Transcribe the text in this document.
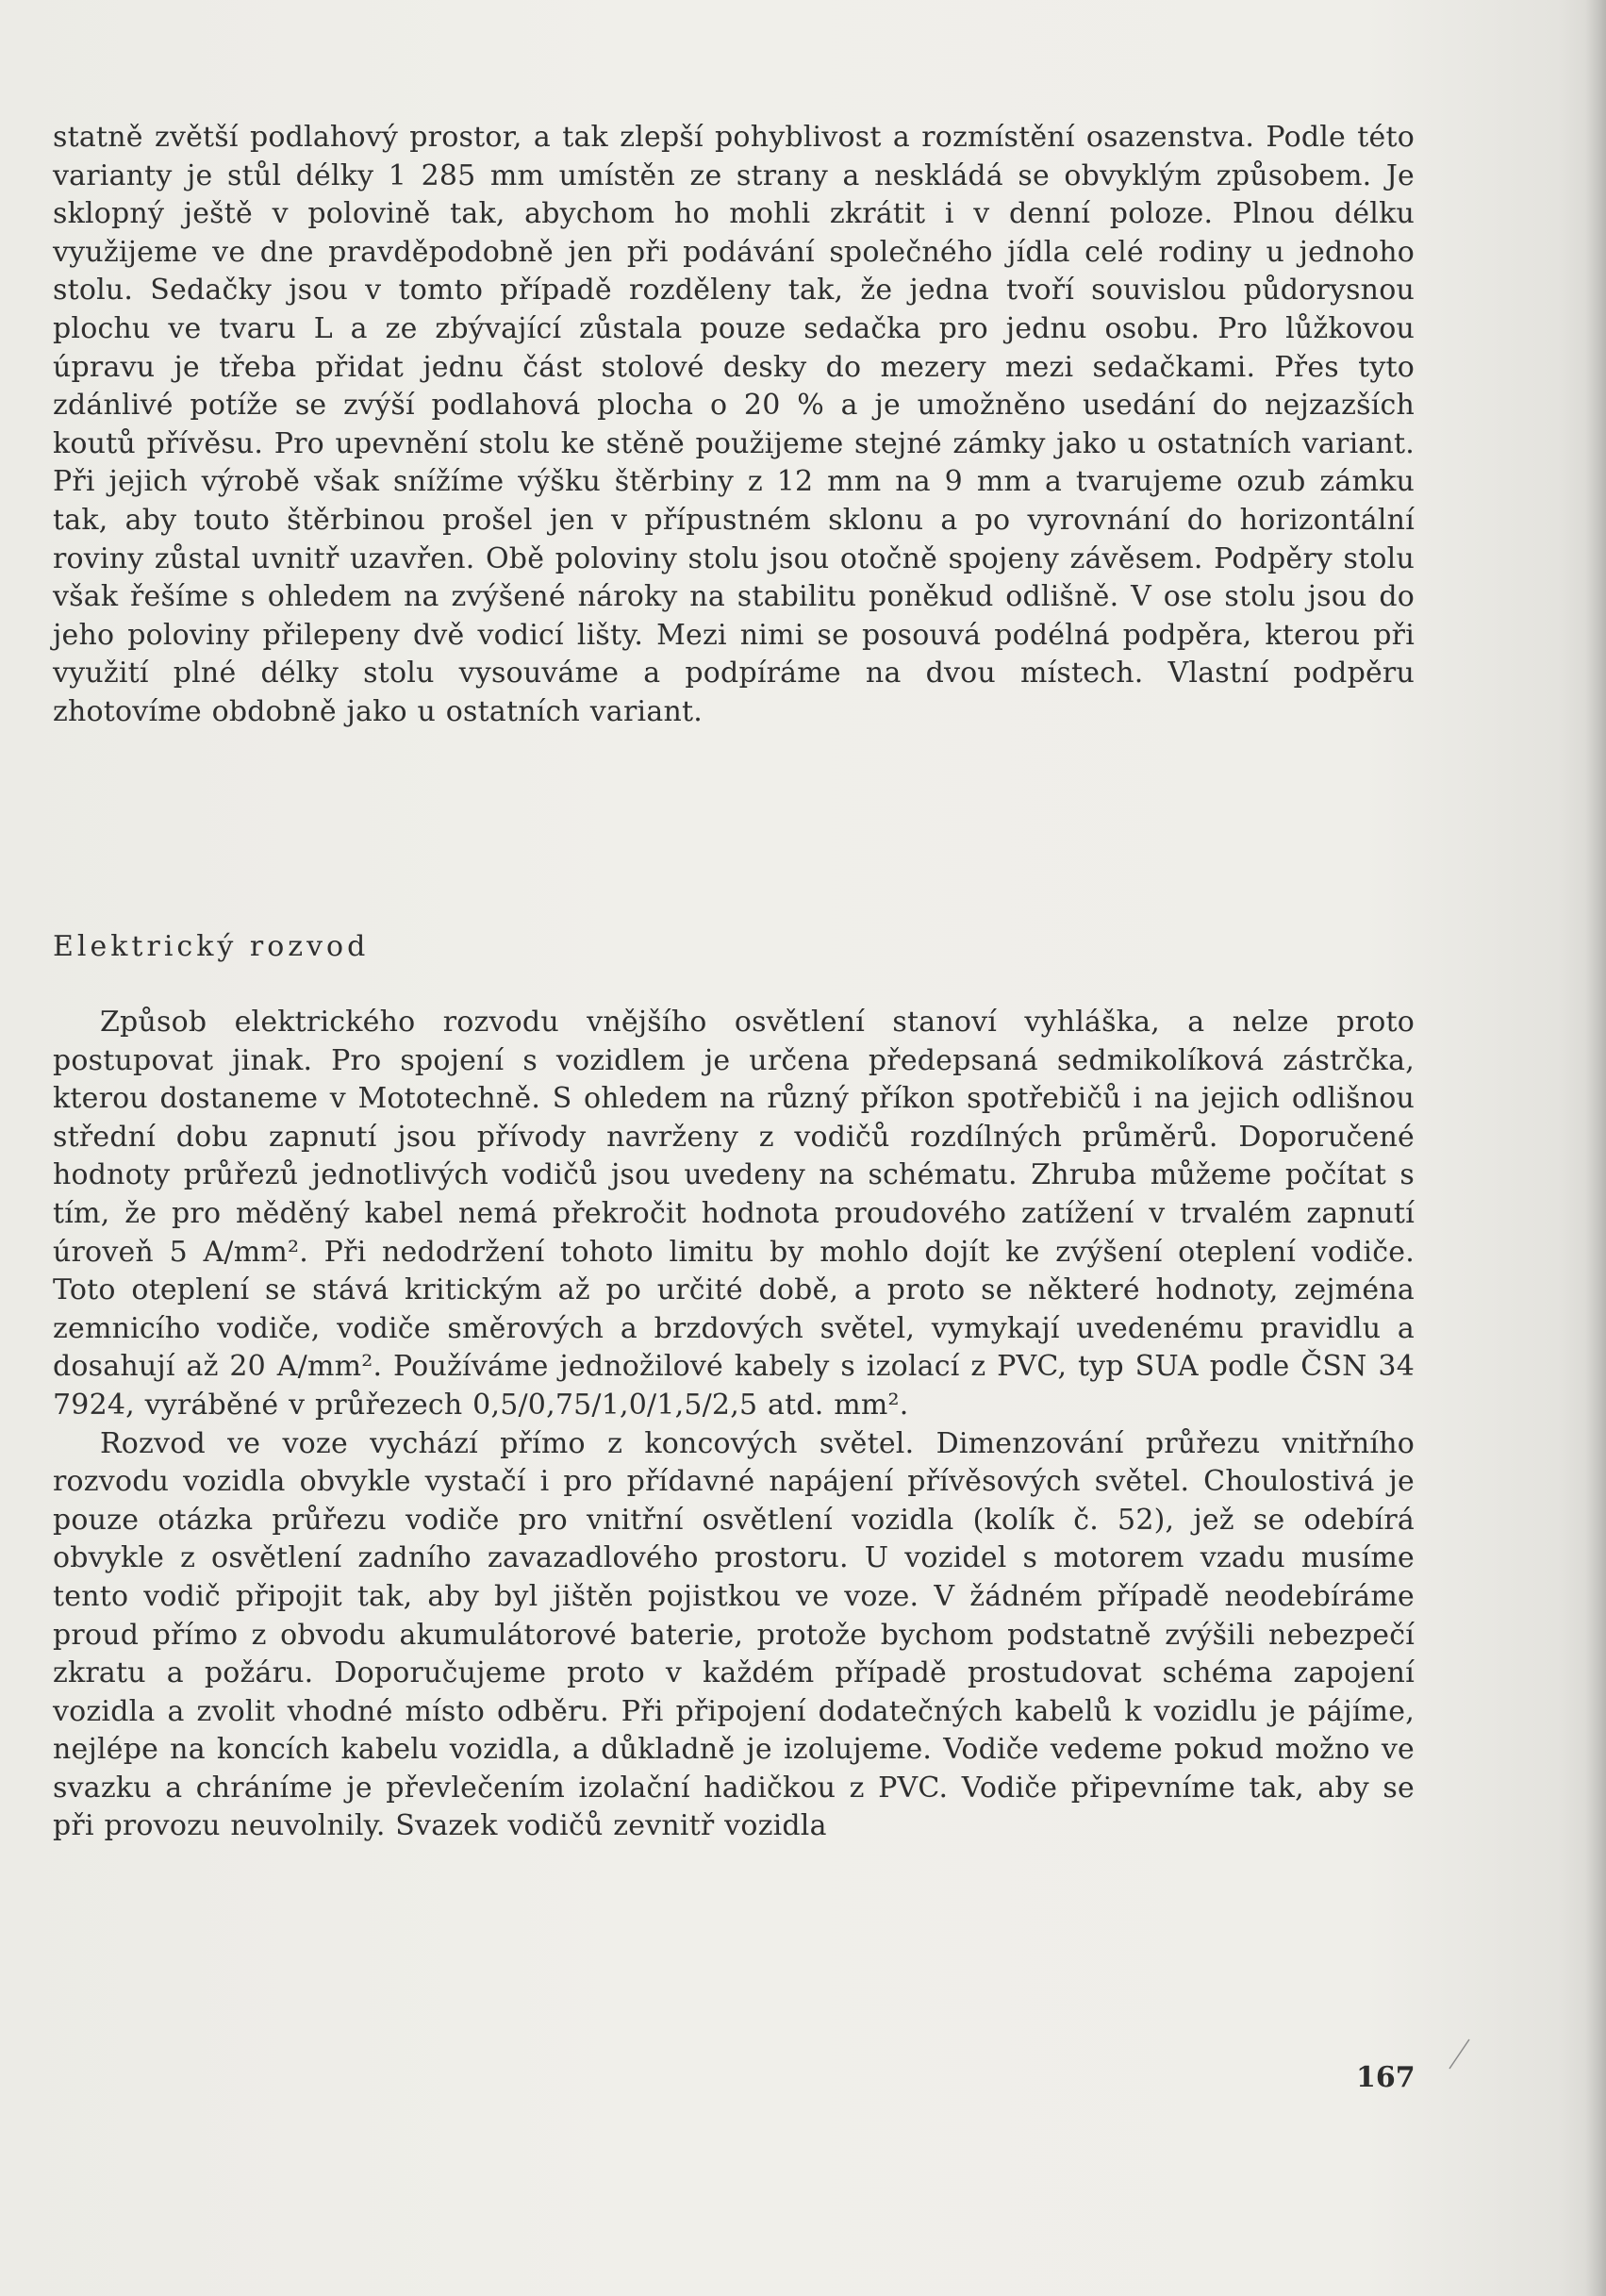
statně zvětší podlahový prostor, a tak zlepší pohyblivost a rozmístění osazenstva. Podle této varianty je stůl délky 1 285 mm umístěn ze strany a neskládá se obvyklým způsobem. Je sklopný ještě v polovině tak, abychom ho mohli zkrátit i v denní poloze. Plnou délku využijeme ve dne pravděpodobně jen při podávání společného jídla celé rodiny u jednoho stolu. Sedačky jsou v tomto případě rozděleny tak, že jedna tvoří souvislou půdorysnou plochu ve tvaru L a ze zbývající zůstala pouze sedačka pro jednu osobu. Pro lůžkovou úpravu je třeba přidat jednu část stolové desky do mezery mezi sedačkami. Přes tyto zdánlivé potíže se zvýší podlahová plocha o 20 % a je umožněno usedání do nejzazších koutů přívěsu. Pro upevnění stolu ke stěně použijeme stejné zámky jako u ostatních variant. Při jejich výrobě však snížíme výšku štěrbiny z 12 mm na 9 mm a tvarujeme ozub zámku tak, aby touto štěrbinou prošel jen v přípustném sklonu a po vyrovnání do horizontální roviny zůstal uvnitř uzavřen. Obě poloviny stolu jsou otočně spojeny závěsem. Podpěry stolu však řešíme s ohledem na zvýšené nároky na stabilitu poněkud odlišně. V ose stolu jsou do jeho poloviny přilepeny dvě vodicí lišty. Mezi nimi se posouvá podélná podpěra, kterou při využití plné délky stolu vysouváme a podpíráme na dvou místech. Vlastní podpěru zhotovíme obdobně jako u ostatních variant.

Elektrický rozvod

Způsob elektrického rozvodu vnějšího osvětlení stanoví vyhláška, a nelze proto postupovat jinak. Pro spojení s vozidlem je určena předepsaná sedmikolíková zástrčka, kterou dostaneme v Mototechně. S ohledem na různý příkon spotřebičů i na jejich odlišnou střední dobu zapnutí jsou přívody navrženy z vodičů rozdílných průměrů. Doporučené hodnoty průřezů jednotlivých vodičů jsou uvedeny na schématu. Zhruba můžeme počítat s tím, že pro měděný kabel nemá překročit hodnota proudového zatížení v trvalém zapnutí úroveň 5 A/mm². Při nedodržení tohoto limitu by mohlo dojít ke zvýšení oteplení vodiče. Toto oteplení se stává kritickým až po určité době, a proto se některé hodnoty, zejména zemnicího vodiče, vodiče směrových a brzdových světel, vymykají uvedenému pravidlu a dosahují až 20 A/mm². Používáme jednožilové kabely s izolací z PVC, typ SUA podle ČSN 34 7924, vyráběné v průřezech 0,5/0,75/1,0/1,5/2,5 atd. mm².

Rozvod ve voze vychází přímo z koncových světel. Dimenzování průřezu vnitřního rozvodu vozidla obvykle vystačí i pro přídavné napájení přívěsových světel. Choulostivá je pouze otázka průřezu vodiče pro vnitřní osvětlení vozidla (kolík č. 52), jež se odebírá obvykle z osvětlení zadního zavazadlového prostoru. U vozidel s motorem vzadu musíme tento vodič připojit tak, aby byl jištěn pojistkou ve voze. V žádném případě neodebíráme proud přímo z obvodu akumulátorové baterie, protože bychom podstatně zvýšili nebezpečí zkratu a požáru. Doporučujeme proto v každém případě prostudovat schéma zapojení vozidla a zvolit vhodné místo odběru. Při připojení dodatečných kabelů k vozidlu je pájíme, nejlépe na koncích kabelu vozidla, a důkladně je izolujeme. Vodiče vedeme pokud možno ve svazku a chráníme je převlečením izolační hadičkou z PVC. Vodiče připevníme tak, aby se při provozu neuvolnily. Svazek vodičů zevnitř vozidla

167
